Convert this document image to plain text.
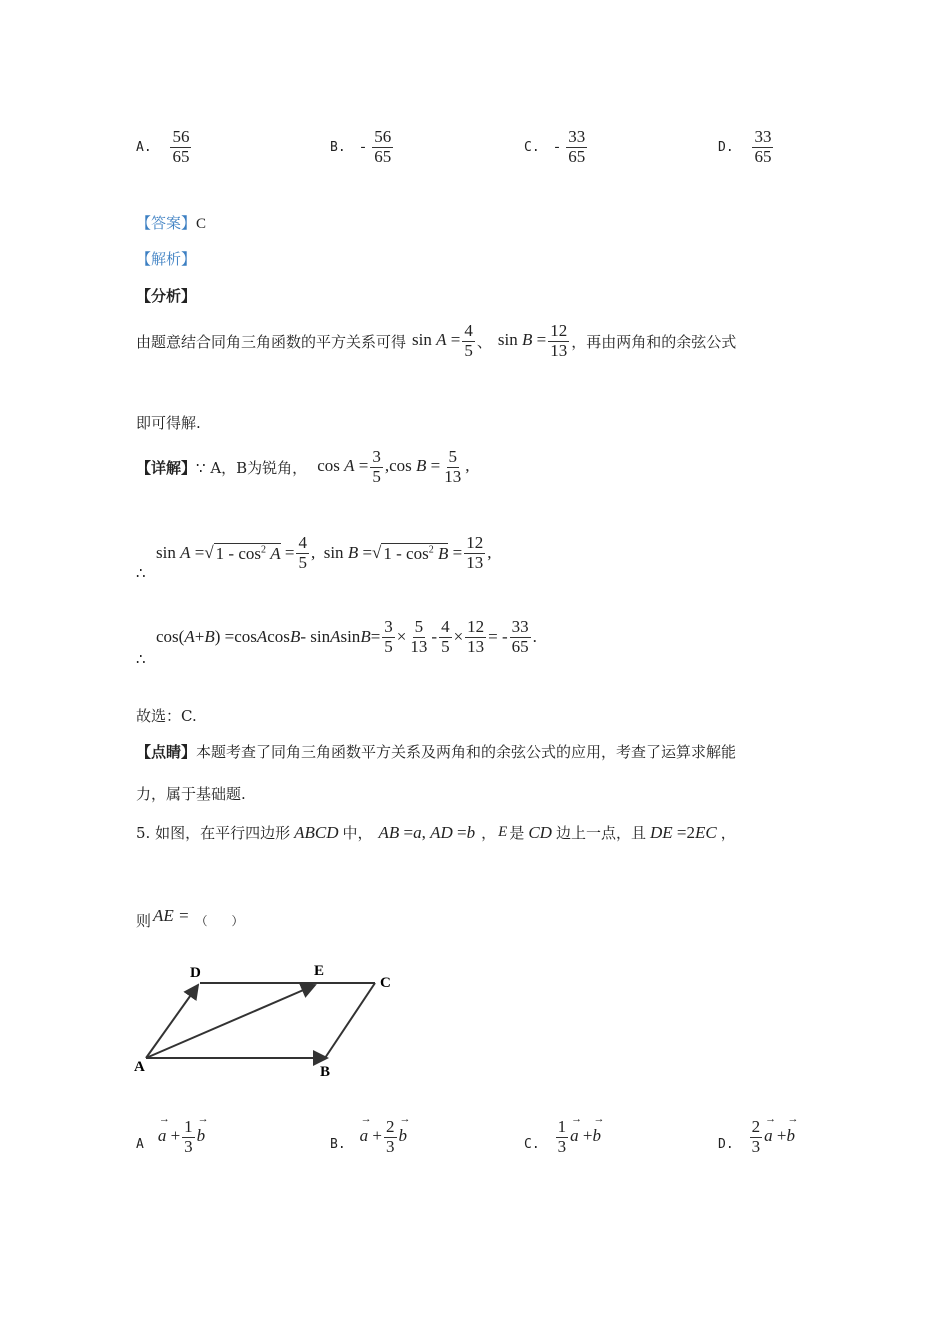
A. $\frac{56}{65}$	B. - $\frac{56}{65}$	C. - $\frac{33}{65}$	D. $\frac{33}{65}$
【答案】C
【解析】
【分析】
由题意结合同角三角函数的平方关系可得 $\sin A = \frac{4}{5}$ 、 $\sin B = \frac{12}{13}$ ，再由两角和的余弦公式
即可得解.
【详解】 ∵ A，B为锐角， $\cos A = \frac{3}{5} ,\cos$ $B = \frac{5}{13}$ ,
∴
sin A =√ $1 - \cos^2 A = \frac{4}{5}$ ,  sin B =√ $1 - \cos^2 B = \frac{12}{13}$ ,
∴
cos( A + B ) =cos A cos B - sin A $\sin B = \frac{3}{5} \times \frac{5}{13} - \frac{4}{5} \times \frac{12}{13}$ = - $\frac{33}{65}$ .
故选：C.
【点睛】本题考查了同角三角函数平方关系及两角和的余弦公式的应用，考查了运算求解能
力，属于基础题.
5. 如图，在平行四边形 ABCD 中， AB =a, AD =b ， E 是 CD 边上一点，且 DE =2EC ，
则 AE = （　　）
D	E
C
A	B
A
→ $a + \frac{1}{3}$
→ b	B.
→ $a + \frac{2}{3}$
→ b	C. $\frac{1}{3}$
→ a +→ b	D. $\frac{2}{3}$
→ a +→ b
